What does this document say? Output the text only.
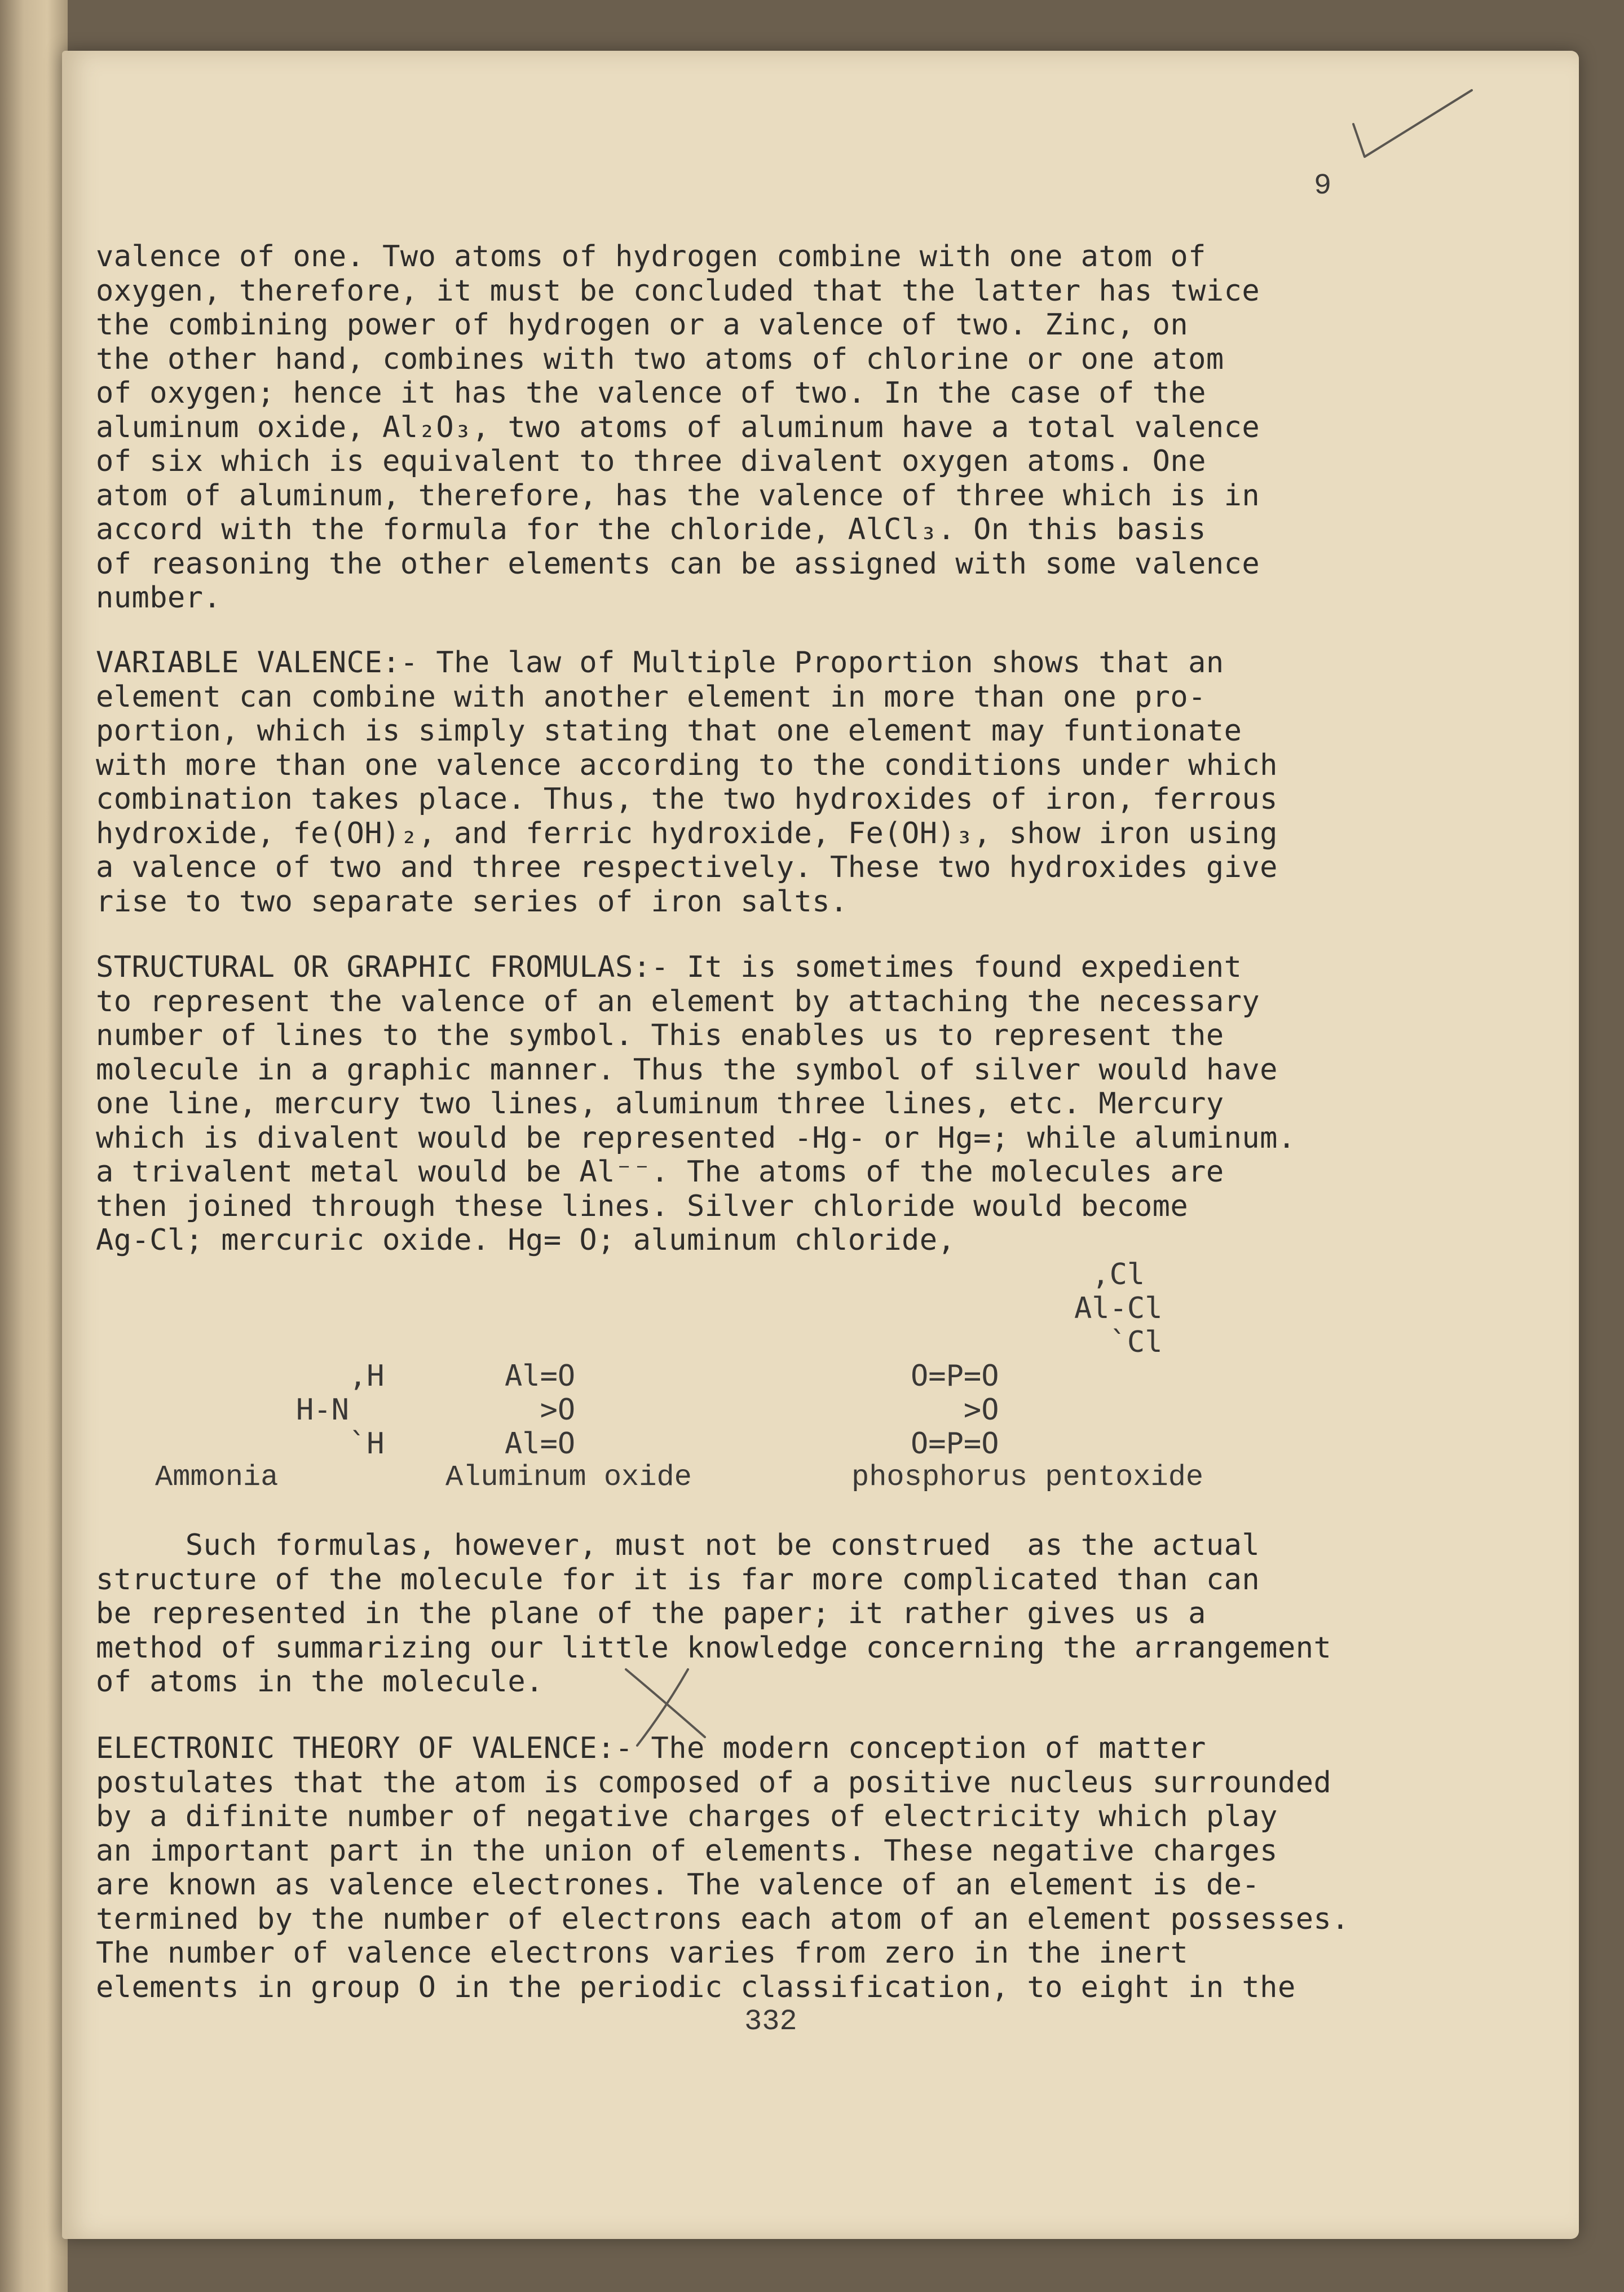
9
valence of one. Two atoms of hydrogen combine with one atom of
oxygen, therefore, it must be concluded that the latter has twice
the combining power of hydrogen or a valence of two. Zinc, on
the other hand, combines with two atoms of chlorine or one atom
of oxygen; hence it has the valence of two. In the case of the
aluminum oxide, Al₂O₃, two atoms of aluminum have a total valence
of six which is equivalent to three divalent oxygen atoms. One
atom of aluminum, therefore, has the valence of three which is in
accord with the formula for the chloride, AlCl₃. On this basis
of reasoning the other elements can be assigned with some valence
number.
VARIABLE VALENCE:- The law of Multiple Proportion shows that an
element can combine with another element in more than one pro-
portion, which is simply stating that one element may funtionate
with more than one valence according to the conditions under which
combination takes place. Thus, the two hydroxides of iron, ferrous
hydroxide, fe(OH)₂, and ferric hydroxide, Fe(OH)₃, show iron using
a valence of two and three respectively. These two hydroxides give
rise to two separate series of iron salts.
STRUCTURAL OR GRAPHIC FROMULAS:- It is sometimes found expedient
to represent the valence of an element by attaching the necessary
number of lines to the symbol. This enables us to represent the
molecule in a graphic manner. Thus the symbol of silver would have
one line, mercury two lines, aluminum three lines, etc. Mercury
which is divalent would be represented -Hg- or Hg=; while aluminum.
a trivalent metal would be Al⁻⁻. The atoms of the molecules are
then joined through these lines. Silver chloride would become
Ag-Cl; mercuric oxide. Hg= O; aluminum chloride,
,Cl
Al-Cl
`Cl
,H
H-N
`H
Al=O
>O
Al=O
O=P=O
>O
O=P=O
Ammonia	Aluminum oxide	phosphorus pentoxide
Such formulas, however, must not be construed  as the actual
structure of the molecule for it is far more complicated than can
be represented in the plane of the paper; it rather gives us a
method of summarizing our little knowledge concerning the arrangement
of atoms in the molecule.
ELECTRONIC THEORY OF VALENCE:- The modern conception of matter
postulates that the atom is composed of a positive nucleus surrounded
by a difinite number of negative charges of electricity which play
an important part in the union of elements. These negative charges
are known as valence electrones. The valence of an element is de-
termined by the number of electrons each atom of an element possesses.
The number of valence electrons varies from zero in the inert
elements in group O in the periodic classification, to eight in the
332
